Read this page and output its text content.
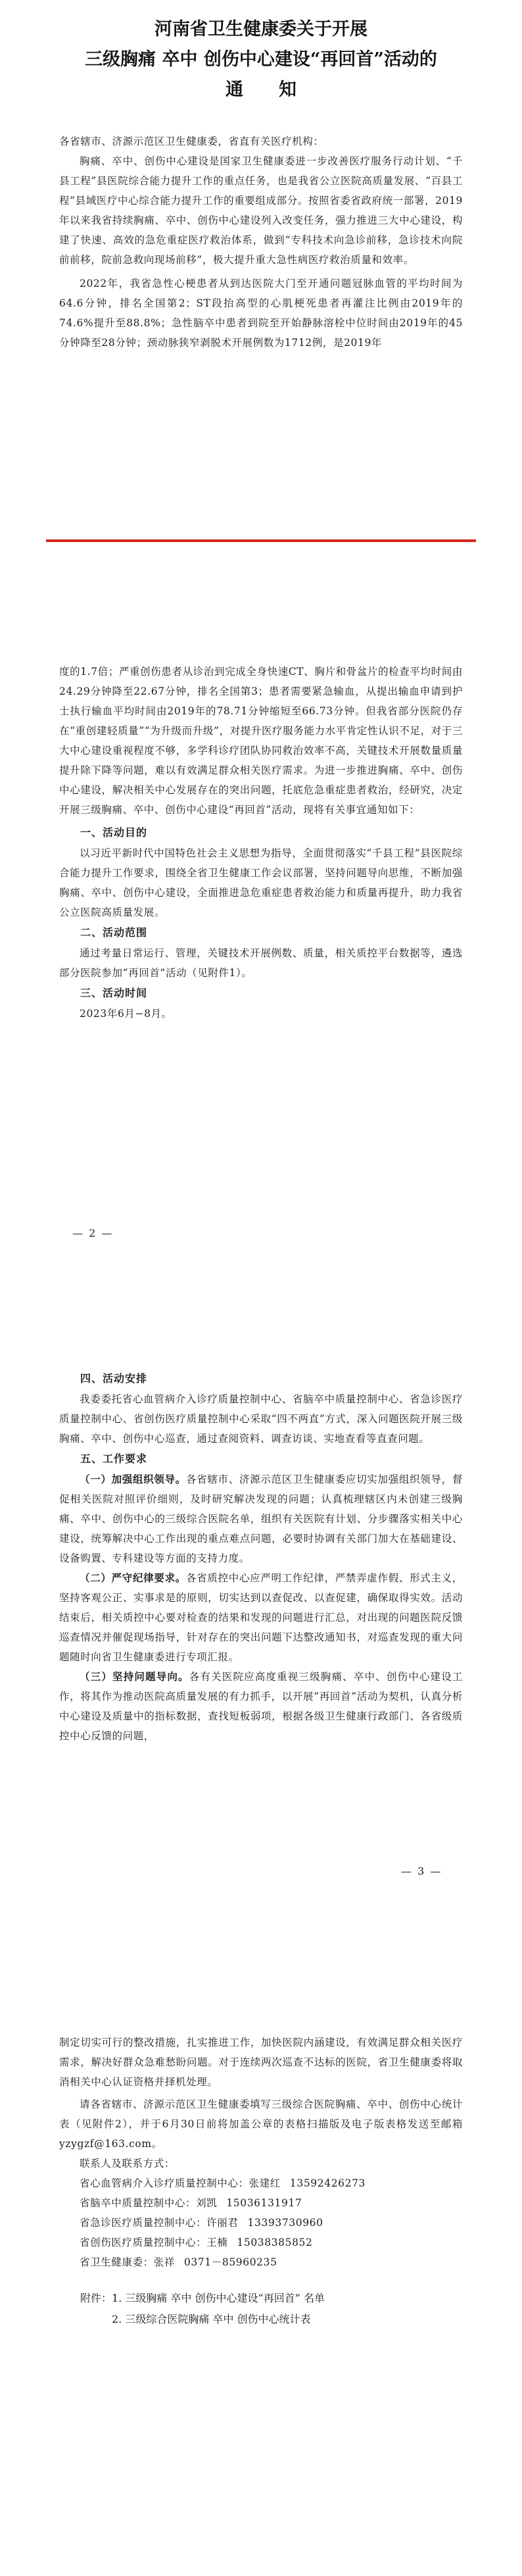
河南省卫生健康委关于开展
三级胸痛 卒中 创伤中心建设“再回首”活动的
通　　知

各省辖市、济源示范区卫生健康委，省直有关医疗机构：

胸痛、卒中、创伤中心建设是国家卫生健康委进一步改善医疗服务行动计划、“千县工程”县医院综合能力提升工作的重点任务，也是我省公立医院高质量发展、“百县工程”县域医疗中心综合能力提升工作的重要组成部分。按照省委省政府统一部署，2019年以来我省持续胸痛、卒中、创伤中心建设列入改变任务，强力推进三大中心建设，构建了快速、高效的急危重症医疗救治体系，做到“专科技术向急诊前移，急诊技术向院前前移，院前急救向现场前移”，极大提升重大急性病医疗救治质量和效率。

2022年，我省急性心梗患者从到达医院大门至开通问题冠脉血管的平均时间为64.6分钟，排名全国第2；ST段抬高型的心肌梗死患者再灌注比例由2019年的74.6%提升至88.8%；急性脑卒中患者到院至开始静脉溶栓中位时间由2019年的45分钟降至28分钟；颈动脉狭窄剥脱术开展例数为1712例，是2019年

度的1.7倍；严重创伤患者从诊治到完成全身快速CT、胸片和骨盆片的检查平均时间由24.29分钟降至22.67分钟，排名全国第3；患者需要紧急输血，从提出输血申请到护士执行输血平均时间由2019年的78.71分钟缩短至66.73分钟。但我省部分医院仍存在“重创建轻质量”“为升级而升级”，对提升医疗服务能力水平肯定性认识不足，对于三大中心建设重视程度不够，多学科诊疗团队协同救治效率不高，关键技术开展数量质量提升除下降等问题，难以有效满足群众相关医疗需求。为进一步推进胸痛、卒中、创伤中心建设，解决相关中心发展存在的突出问题，托底危急重症患者救治，经研究，决定开展三级胸痛、卒中、创伤中心建设“再回首”活动，现将有关事宜通知如下：

一、活动目的

以习近平新时代中国特色社会主义思想为指导，全面贯彻落实“千县工程”县医院综合能力提升工作要求，围绕全省卫生健康工作会议部署，坚持问题导向思维，不断加强胸痛、卒中、创伤中心建设，全面推进急危重症患者救治能力和质量再提升，助力我省公立医院高质量发展。

二、活动范围

通过考量日常运行、管理，关键技术开展例数、质量，相关质控平台数据等，遴选部分医院参加“再回首”活动（见附件1）。

三、活动时间

2023年6月−8月。

— 2 —

四、活动安排

我委委托省心血管病介入诊疗质量控制中心、省脑卒中质量控制中心、省急诊医疗质量控制中心、省创伤医疗质量控制中心采取“四不两直”方式，深入问题医院开展三级胸痛、卒中、创伤中心巡查，通过查阅资料、调查访谈、实地查看等直查问题。

五、工作要求

（一）加强组织领导。各省辖市、济源示范区卫生健康委应切实加强组织领导，督促相关医院对照评价细则，及时研究解决发现的问题；认真梳理辖区内未创建三级胸痛、卒中、创伤中心的三级综合医院名单，组织有关医院有计划、分步骤落实相关中心建设，统筹解决中心工作出现的重点难点问题，必要时协调有关部门加大在基础建设、设备购置、专科建设等方面的支持力度。

（二）严守纪律要求。各省质控中心应严明工作纪律，严禁弄虚作假、形式主义，坚持客观公正、实事求是的原则，切实达到以查促改、以查促建，确保取得实效。活动结束后，相关质控中心要对检查的结果和发现的问题进行汇总，对出现的问题医院反馈巡查情况并催促现场指导，针对存在的突出问题下达整改通知书，对巡查发现的重大问题随时向省卫生健康委进行专项汇报。

（三）坚持问题导向。各有关医院应高度重视三级胸痛、卒中、创伤中心建设工作，将其作为推动医院高质量发展的有力抓手，以开展“再回首”活动为契机，认真分析中心建设及质量中的指标数据，查找短板弱项，根据各级卫生健康行政部门、各省级质控中心反馈的问题，

— 3 —

制定切实可行的整改措施，扎实推进工作，加快医院内涵建设，有效满足群众相关医疗需求，解决好群众急难愁盼问题。对于连续两次巡查不达标的医院，省卫生健康委将取消相关中心认证资格并择机处理。

请各省辖市、济源示范区卫生健康委填写三级综合医院胸痛、卒中、创伤中心统计表（见附件2），并于6月30日前将加盖公章的表格扫描版及电子版表格发送至邮箱yzygzf@163.com。

联系人及联系方式：

省心血管病介入诊疗质量控制中心：张建红 13592426273
省脑卒中质量控制中心：刘凯 15036131917
省急诊医疗质量控制中心：许丽君 13393730960
省创伤医疗质量控制中心：王楠 15038385852
省卫生健康委：张祥 0371－85960235
附件：1. 三级胸痛 卒中 创伤中心建设“再回首” 名单
2. 三级综合医院胸痛 卒中 创伤中心统计表
